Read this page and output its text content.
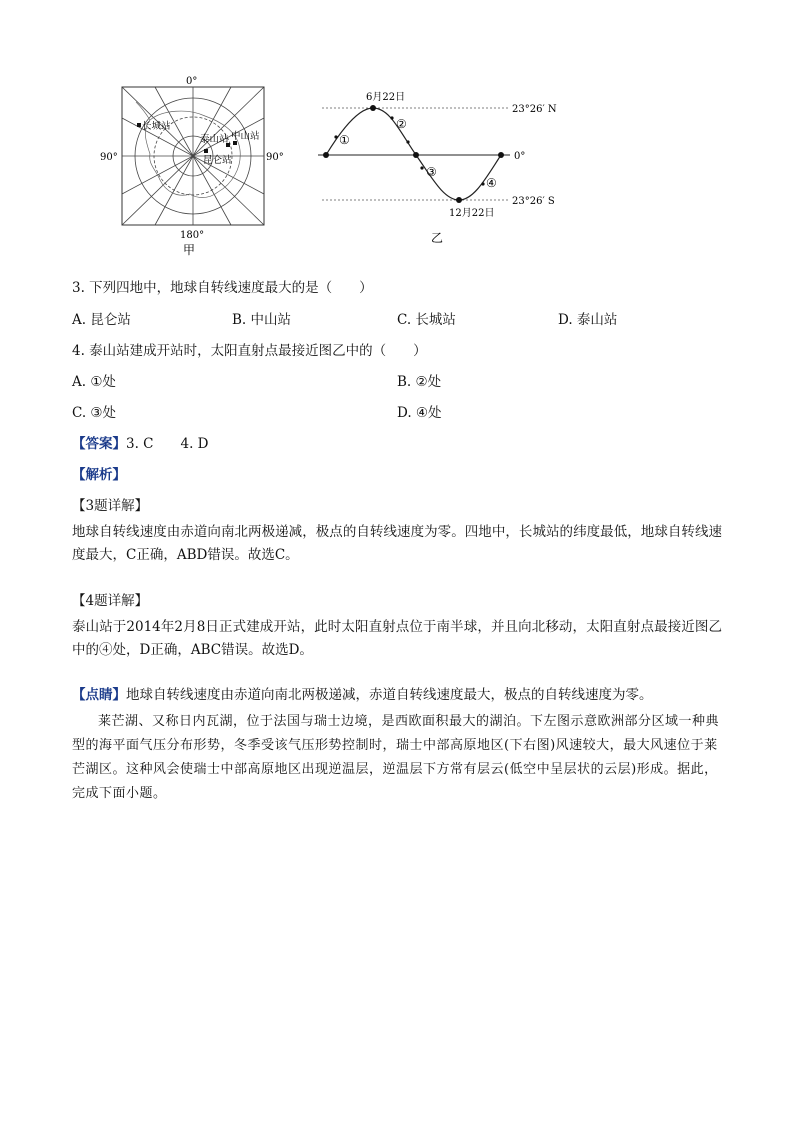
0°
90°	90°
180°
长城站
泰山站 中山站
昆仑站
甲
6月22日
12月22日
23°26′ N
0°
23°26′ S
①
②
③
④
乙
3. 下列四地中，地球自转线速度最大的是（　　）
A. 昆仑站	B. 中山站	C. 长城站	D. 泰山站
4. 泰山站建成开站时，太阳直射点最接近图乙中的（　　）
A. ①处	B. ②处
C. ③处	D. ④处
【答案】3. C　　4. D
【解析】
【3题详解】
地球自转线速度由赤道向南北两极递减，极点的自转线速度为零。四地中，长城站的纬度最低，地球自转线速度最大，C正确，ABD错误。故选C。
【4题详解】
泰山站于2014年2月8日正式建成开站，此时太阳直射点位于南半球，并且向北移动，太阳直射点最接近图乙中的④处，D正确，ABC错误。故选D。
【点睛】地球自转线速度由赤道向南北两极递减，赤道自转线速度最大，极点的自转线速度为零。
莱芒湖、又称日内瓦湖，位于法国与瑞士边境，是西欧面积最大的湖泊。下左图示意欧洲部分区域一种典型的海平面气压分布形势，冬季受该气压形势控制时，瑞士中部高原地区(下右图)风速较大，最大风速位于莱芒湖区。这种风会使瑞士中部高原地区出现逆温层，逆温层下方常有层云(低空中呈层状的云层)形成。据此，完成下面小题。
